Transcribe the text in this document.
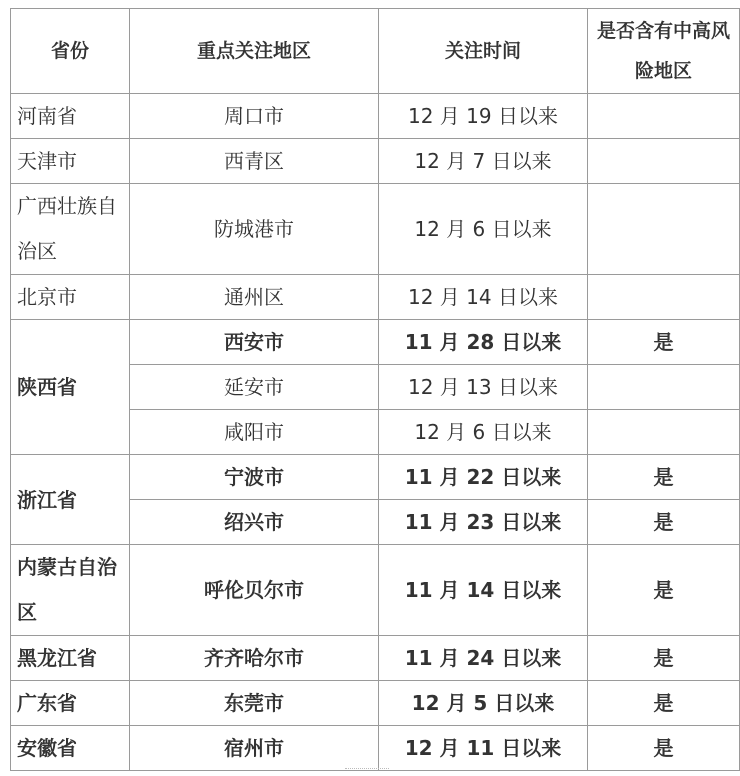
省份	重点关注地区	关注时间	是否含有中高风险地区
河南省	周口市	12 月 19 日以来	
天津市	西青区	12 月 7 日以来	
广西壮族自治区	防城港市	12 月 6 日以来	
北京市	通州区	12 月 14 日以来	
陕西省	西安市	11 月 28 日以来	是
	延安市	12 月 13 日以来	
	咸阳市	12 月 6 日以来	
浙江省	宁波市	11 月 22 日以来	是
	绍兴市	11 月 23 日以来	是
内蒙古自治区	呼伦贝尔市	11 月 14 日以来	是
黑龙江省	齐齐哈尔市	11 月 24 日以来	是
广东省	东莞市	12 月 5 日以来	是
安徽省	宿州市	12 月 11 日以来	是
